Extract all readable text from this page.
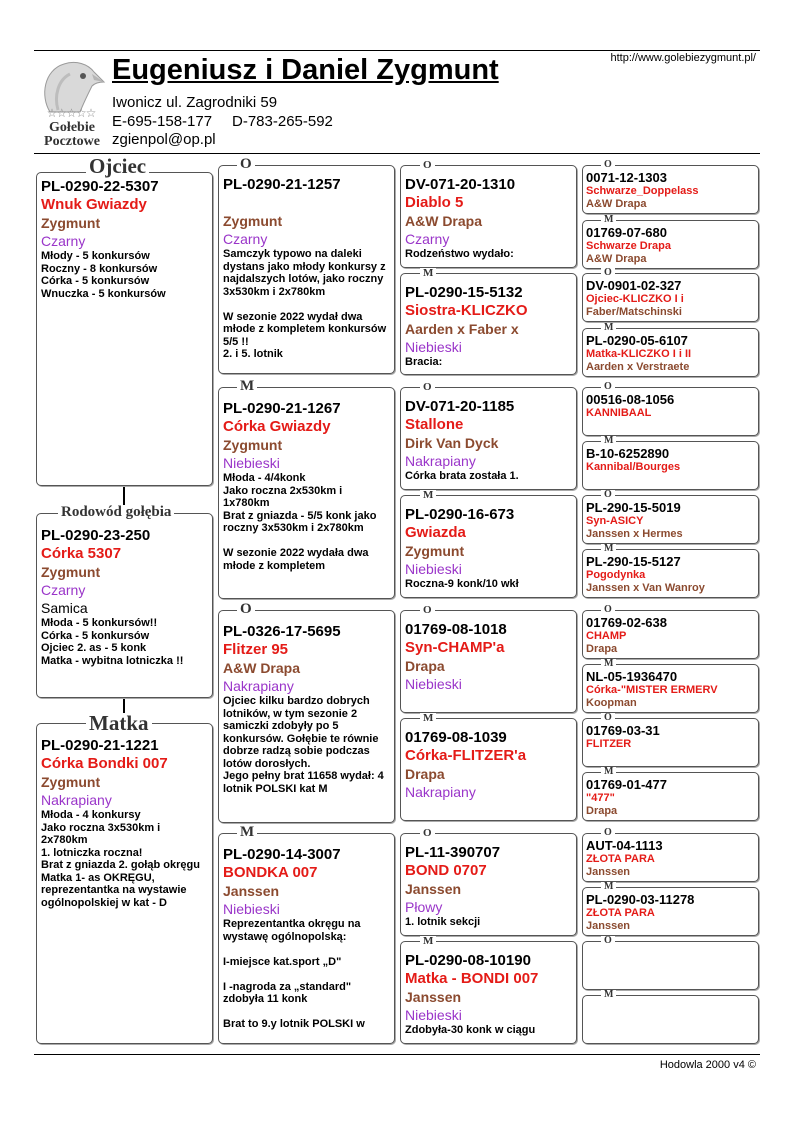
☆☆☆☆☆
Gołebie
Pocztowe
Eugeniusz i Daniel Zygmunt
Iwonicz ul. Zagrodniki 59
E-695-158-177 D-783-265-592
zgienpol@op.pl
http://www.golebiezygmunt.pl/
PL-0290-22-5307
Wnuk Gwiazdy
Zygmunt
Czarny
Młody - 5 konkursów
Roczny - 8 konkursów
Córka - 5 konkursów
Wnuczka - 5 konkursów
Ojciec
PL-0290-23-250
Córka 5307
Zygmunt
Czarny
Samica
Młoda - 5 konkursów!!
Córka - 5 konkursów
Ojciec 2. as - 5 konk
Matka - wybitna lotniczka !!
Rodowód gołębia
PL-0290-21-1221
Córka Bondki 007
Zygmunt
Nakrapiany
Młoda - 4 konkursy
Jako roczna 3x530km i 2x780km
1. lotniczka roczna!
Brat z gniazda 2. gołąb okręgu
Matka 1- as OKRĘGU, reprezentantka na wystawie ogólnopolskiej w kat - D
Matka
PL-0290-21-1257
Zygmunt
Czarny
Samczyk typowo na daleki dystans jako młody konkursy z najdalszych lotów, jako roczny 3x530km i 2x780km

W sezonie 2022 wydał dwa młode z kompletem konkursów 5/5 !!
2. i 5. lotnik
O
PL-0290-21-1267
Córka Gwiazdy
Zygmunt
Niebieski
Młoda - 4/4konk
Jako roczna 2x530km i 1x780km
Brat z gniazda - 5/5 konk jako roczny 3x530km i 2x780km

W sezonie 2022 wydała dwa młode z kompletem
M
PL-0326-17-5695
Flitzer 95
A&W Drapa
Nakrapiany
Ojciec kilku bardzo dobrych lotników, w tym sezonie 2 samiczki zdobyły po 5 konkursów. Gołębie te równie
dobrze radzą sobie podczas lotów dorosłych.
Jego pełny brat 11658 wydał: 4 lotnik POLSKI kat M
O
PL-0290-14-3007
BONDKA 007
Janssen
Niebieski
Reprezentantka okręgu na wystawę ogólnopolską:

I-miejsce kat.sport „D"

I -nagroda za „standard" zdobyła 11 konk

Brat to 9.y lotnik POLSKI w
M
DV-071-20-1310
Diablo 5
A&W Drapa
Czarny
Rodzeństwo wydało:
O
PL-0290-15-5132
Siostra-KLICZKO
Aarden x Faber x
Niebieski
Bracia:
M
DV-071-20-1185
Stallone
Dirk Van Dyck
Nakrapiany
Córka brata została 1.
O
PL-0290-16-673
Gwiazda
Zygmunt
Niebieski
Roczna-9 konk/10 wkł
M
01769-08-1018
Syn-CHAMP'a
Drapa
Niebieski
O
01769-08-1039
Córka-FLITZER'a
Drapa
Nakrapiany
M
PL-11-390707
BOND 0707
Janssen
Płowy
1. lotnik sekcji
O
PL-0290-08-10190
Matka - BONDI 007
Janssen
Niebieski
Zdobyła-30 konk w ciągu
M
0071-12-1303
Schwarze_Doppelass
A&W Drapa
O
01769-07-680
Schwarze Drapa
A&W Drapa
M
DV-0901-02-327
Ojciec-KLICZKO I i
Faber/Matschinski
O
PL-0290-05-6107
Matka-KLICZKO I i II
Aarden x Verstraete
M
00516-08-1056
KANNIBAAL
O
B-10-6252890
Kannibal/Bourges
M
PL-290-15-5019
Syn-ASICY
Janssen x Hermes
O
PL-290-15-5127
Pogodynka
Janssen x Van Wanroy
M
01769-02-638
CHAMP
Drapa
O
NL-05-1936470
Córka-"MISTER ERMERV
Koopman
M
01769-03-31
FLITZER
O
01769-01-477
"477"
Drapa
M
AUT-04-1113
ZŁOTA PARA
Janssen
O
PL-0290-03-11278
ZŁOTA PARA
Janssen
M
O
M
Hodowla 2000 v4 ©
